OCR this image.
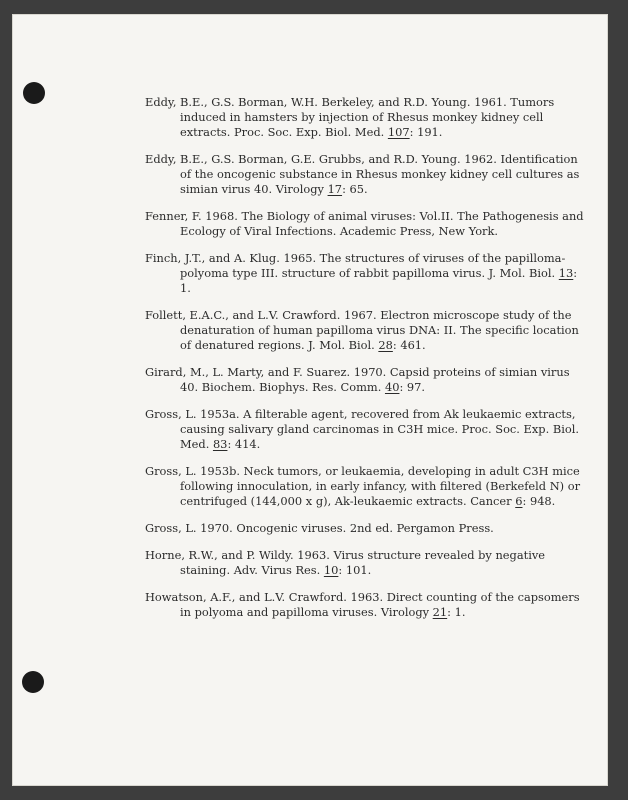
Eddy, B.E., G.S. Borman, W.H. Berkeley, and R.D. Young. 1961. Tumors induced in hamsters by injection of Rhesus monkey kidney cell extracts. Proc. Soc. Exp. Biol. Med. 107: 191.
Eddy, B.E., G.S. Borman, G.E. Grubbs, and R.D. Young. 1962. Identification of the oncogenic substance in Rhesus monkey kidney cell cultures as simian virus 40. Virology 17: 65.
Fenner, F. 1968. The Biology of animal viruses: Vol.II. The Pathogenesis and Ecology of Viral Infections. Academic Press, New York.
Finch, J.T., and A. Klug. 1965. The structures of viruses of the papilloma- polyoma type III. structure of rabbit papilloma virus. J. Mol. Biol. 13: 1.
Follett, E.A.C., and L.V. Crawford. 1967. Electron microscope study of the denaturation of human papilloma virus DNA: II. The specific location of denatured regions. J. Mol. Biol. 28: 461.
Girard, M., L. Marty, and F. Suarez. 1970. Capsid proteins of simian virus 40. Biochem. Biophys. Res. Comm. 40: 97.
Gross, L. 1953a. A filterable agent, recovered from Ak leukaemic extracts, causing salivary gland carcinomas in C3H mice. Proc. Soc. Exp. Biol. Med. 83: 414.
Gross, L. 1953b. Neck tumors, or leukaemia, developing in adult C3H mice following innoculation, in early infancy, with filtered (Berkefeld N) or centrifuged (144,000 x g), Ak-leukaemic extracts. Cancer 6: 948.
Gross, L. 1970. Oncogenic viruses. 2nd ed. Pergamon Press.
Horne, R.W., and P. Wildy. 1963. Virus structure revealed by negative staining. Adv. Virus Res. 10: 101.
Howatson, A.F., and L.V. Crawford. 1963. Direct counting of the capsomers in polyoma and papilloma viruses. Virology 21: 1.
